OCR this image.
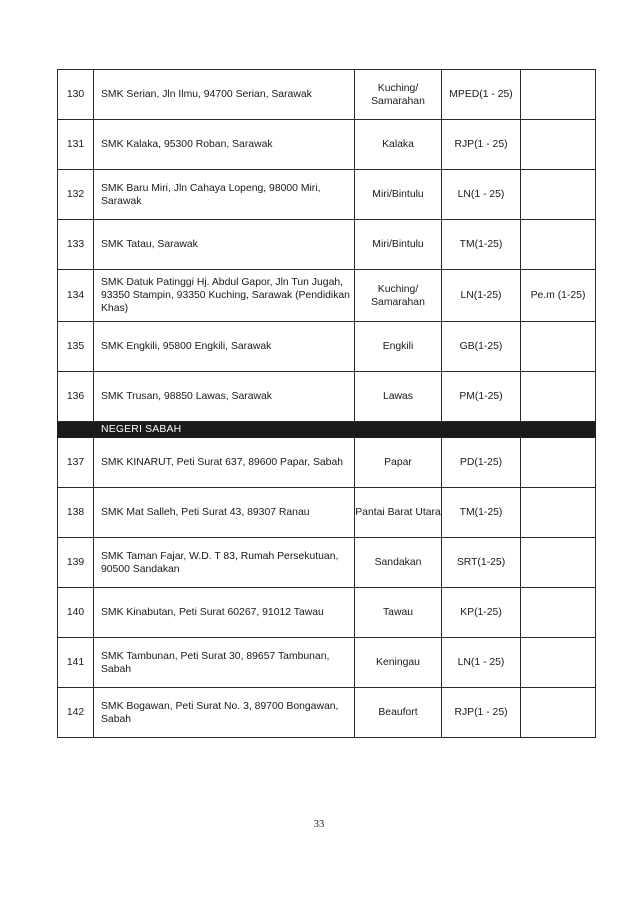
130	SMK Serian, Jln Ilmu, 94700 Serian, Sarawak	Kuching/ Samarahan	MPED(1 - 25)	
131	SMK Kalaka, 95300 Roban, Sarawak	Kalaka	RJP(1 - 25)	
132	SMK Baru Miri, Jln Cahaya Lopeng, 98000 Miri, Sarawak	Miri/Bintulu	LN(1 - 25)	
133	SMK Tatau, Sarawak	Miri/Bintulu	TM(1-25)	
134	SMK Datuk Patinggi Hj. Abdul Gapor, Jln Tun Jugah, 93350 Stampin, 93350 Kuching, Sarawak (Pendidikan Khas)	Kuching/ Samarahan	LN(1-25)	Pe.m (1-25)
135	SMK Engkili, 95800 Engkili, Sarawak	Engkili	GB(1-25)	
136	SMK Trusan, 98850 Lawas, Sarawak	Lawas	PM(1-25)	
	NEGERI SABAH			
137	SMK KINARUT, Peti Surat 637, 89600 Papar, Sabah	Papar	PD(1-25)	
138	SMK Mat Salleh, Peti Surat 43, 89307 Ranau	Pantai Barat Utara	TM(1-25)	
139	SMK Taman Fajar, W.D. T 83, Rumah Persekutuan, 90500 Sandakan	Sandakan	SRT(1-25)	
140	SMK Kinabutan, Peti Surat 60267, 91012 Tawau	Tawau	KP(1-25)	
141	SMK Tambunan, Peti Surat 30, 89657 Tambunan, Sabah	Keningau	LN(1 - 25)	
142	SMK Bogawan, Peti Surat No. 3, 89700 Bongawan, Sabah	Beaufort	RJP(1 - 25)	
33
